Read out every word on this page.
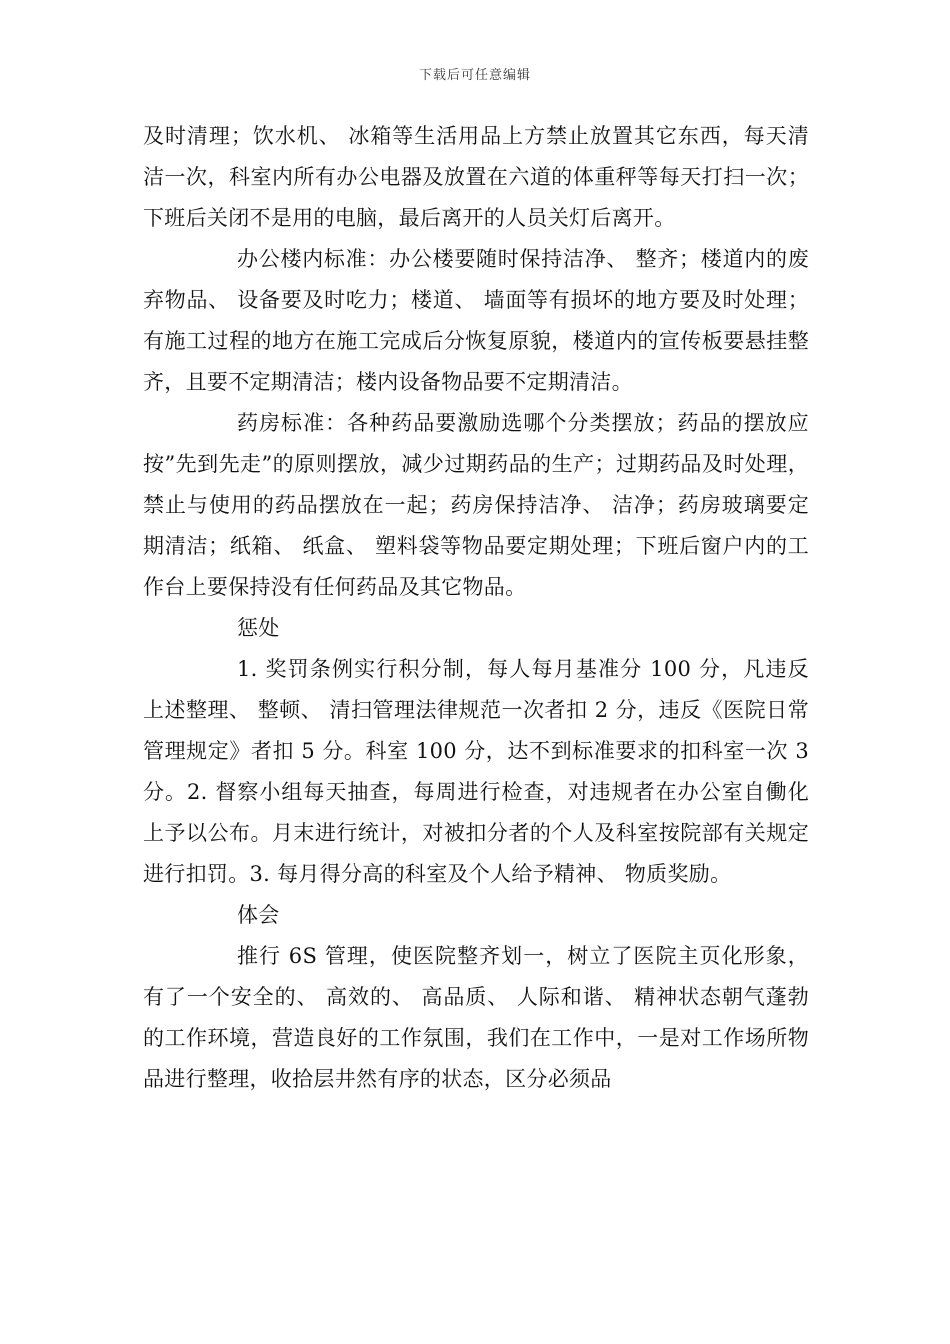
下载后可任意编辑

及时清理；饮水机、 冰箱等生活用品上方禁止放置其它东西，每天清洁一次，科室内所有办公电器及放置在六道的体重秤等每天打扫一次；下班后关闭不是用的电脑，最后离开的人员关灯后离开。

办公楼内标准：办公楼要随时保持洁净、 整齐；楼道内的废弃物品、 设备要及时吃力；楼道、 墙面等有损坏的地方要及时处理；有施工过程的地方在施工完成后分恢复原貌，楼道内的宣传板要悬挂整齐，且要不定期清洁；楼内设备物品要不定期清洁。

药房标准：各种药品要激励选哪个分类摆放；药品的摆放应按”先到先走”的原则摆放，减少过期药品的生产；过期药品及时处理，禁止与使用的药品摆放在一起；药房保持洁净、 洁净；药房玻璃要定期清洁；纸箱、 纸盒、 塑料袋等物品要定期处理；下班后窗户内的工作台上要保持没有任何药品及其它物品。

惩处

1. 奖罚条例实行积分制，每人每月基准分 100 分，凡违反上述整理、 整顿、 清扫管理法律规范一次者扣 2 分，违反《医院日常管理规定》者扣 5 分。科室 100 分，达不到标准要求的扣科室一次 3 分。2. 督察小组每天抽查，每周进行检查，对违规者在办公室自働化上予以公布。月末进行统计，对被扣分者的个人及科室按院部有关规定进行扣罚。3. 每月得分高的科室及个人给予精神、 物质奖励。

体会

推行 6S 管理，使医院整齐划一，树立了医院主页化形象，有了一个安全的、 高效的、 高品质、 人际和谐、 精神状态朝气蓬勃的工作环境，营造良好的工作氛围，我们在工作中，一是对工作场所物品进行整理，收拾层井然有序的状态，区分必须品
